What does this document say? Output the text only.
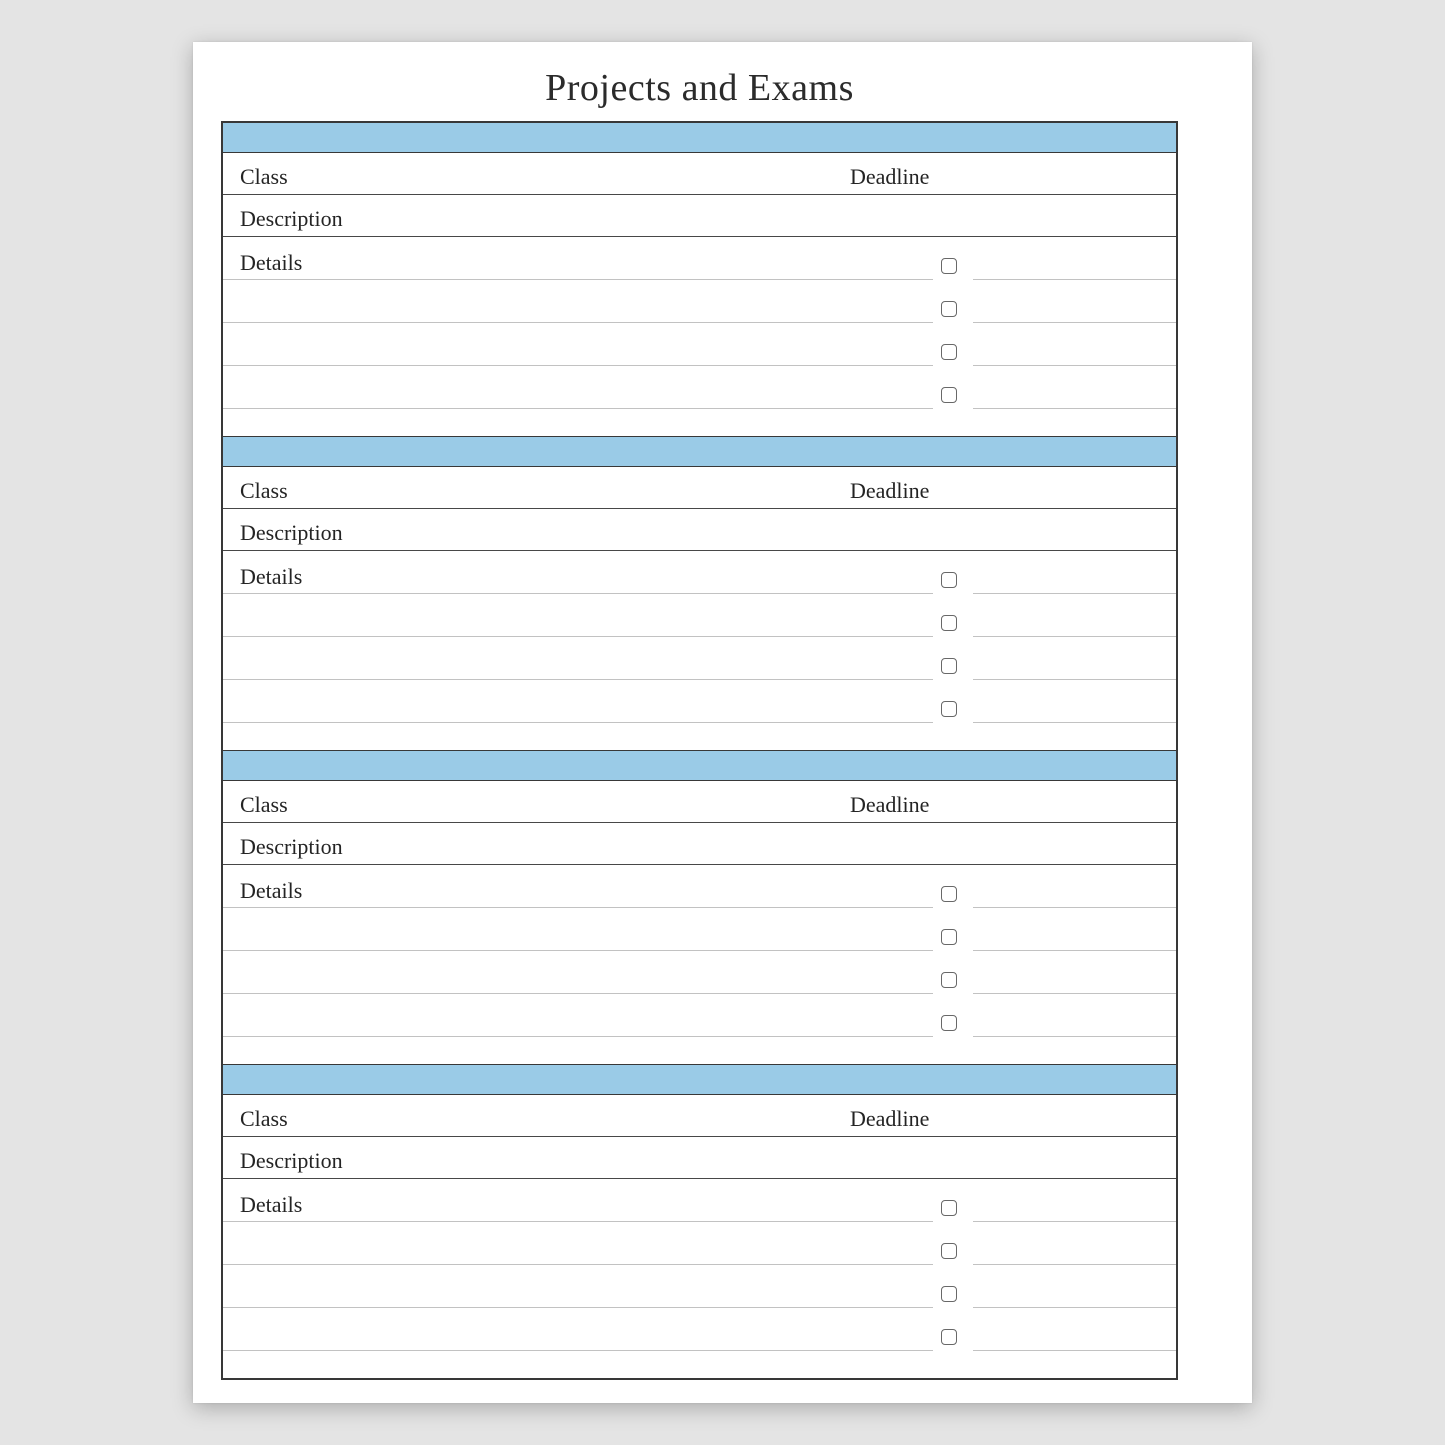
Projects and Exams
Class	Deadline
Description
Details
Class	Deadline
Description
Details
Class	Deadline
Description
Details
Class	Deadline
Description
Details
